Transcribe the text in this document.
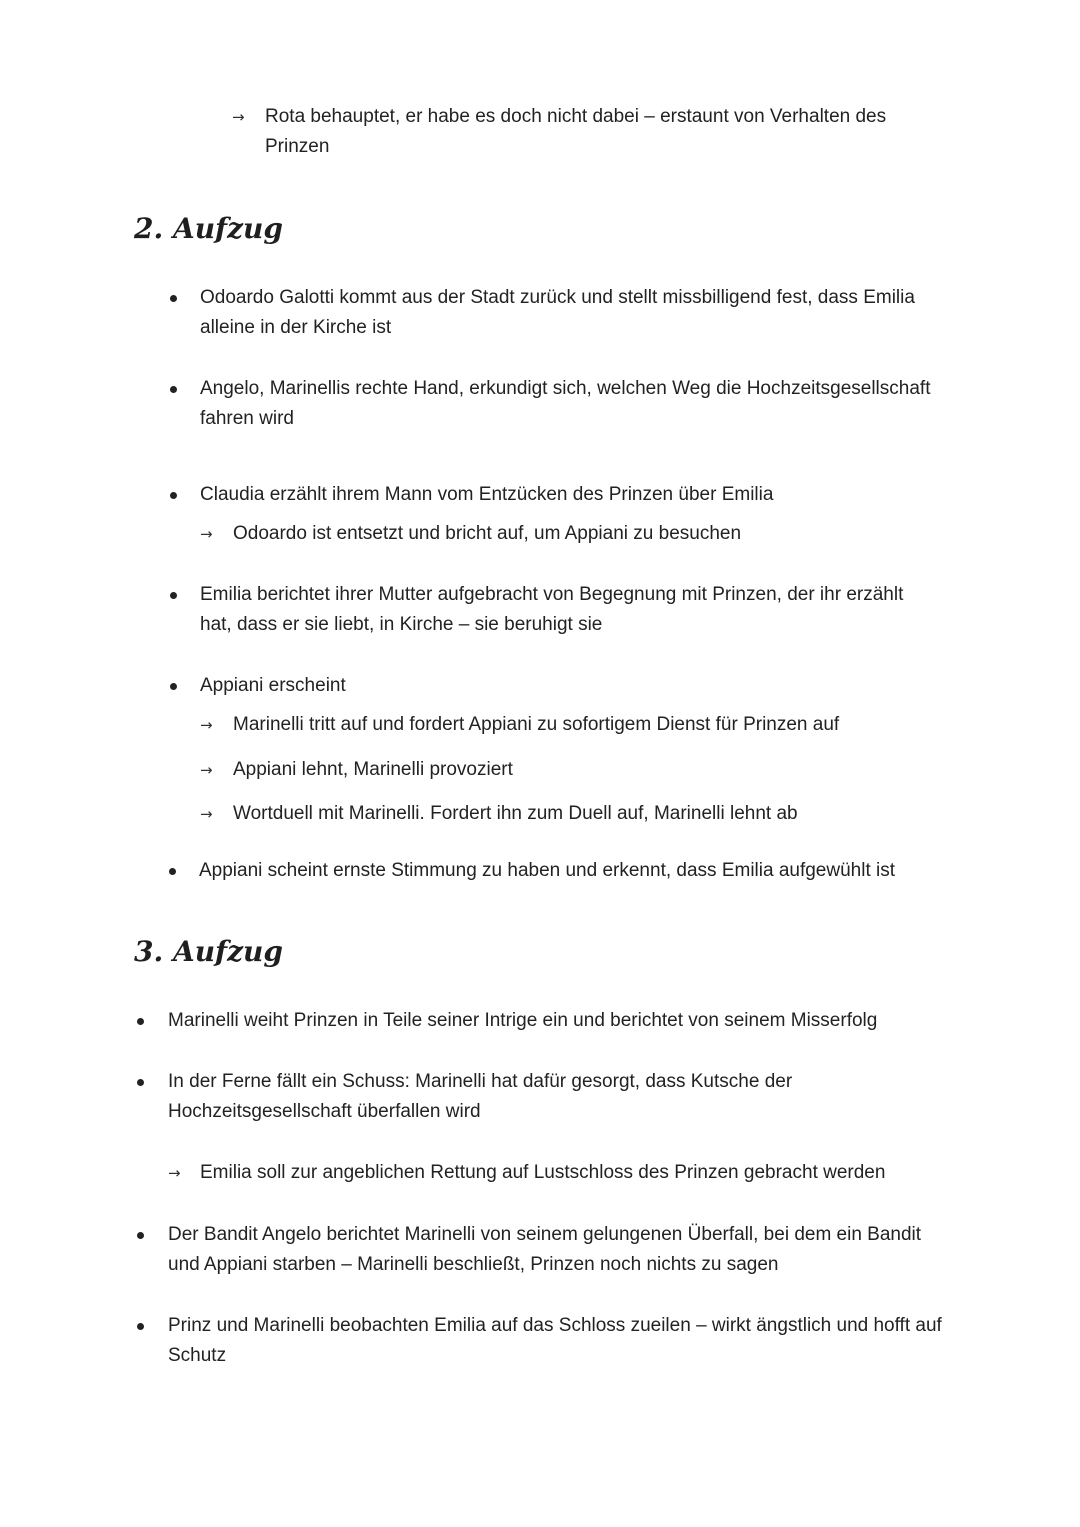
→ Rota behauptet, er habe es doch nicht dabei – erstaunt von Verhalten des

Prinzen

2. Aufzug

Odoardo Galotti kommt aus der Stadt zurück und stellt missbilligend fest, dass Emilia

alleine in der Kirche ist

Angelo, Marinellis rechte Hand, erkundigt sich, welchen Weg die Hochzeitsgesellschaft

fahren wird

Claudia erzählt ihrem Mann vom Entzücken des Prinzen über Emilia

→ Odoardo ist entsetzt und bricht auf, um Appiani zu besuchen

Emilia berichtet ihrer Mutter aufgebracht von Begegnung mit Prinzen, der ihr erzählt

hat, dass er sie liebt, in Kirche – sie beruhigt sie

Appiani erscheint

→ Marinelli tritt auf und fordert Appiani zu sofortigem Dienst für Prinzen auf

→ Appiani lehnt, Marinelli provoziert

→ Wortduell mit Marinelli. Fordert ihn zum Duell auf, Marinelli lehnt ab

Appiani scheint ernste Stimmung zu haben und erkennt, dass Emilia aufgewühlt ist

3. Aufzug

Marinelli weiht Prinzen in Teile seiner Intrige ein und berichtet von seinem Misserfolg

In der Ferne fällt ein Schuss: Marinelli hat dafür gesorgt, dass Kutsche der

Hochzeitsgesellschaft überfallen wird

→ Emilia soll zur angeblichen Rettung auf Lustschloss des Prinzen gebracht werden

Der Bandit Angelo berichtet Marinelli von seinem gelungenen Überfall, bei dem ein Bandit

und Appiani starben – Marinelli beschließt, Prinzen noch nichts zu sagen

Prinz und Marinelli beobachten Emilia auf das Schloss zueilen – wirkt ängstlich und hofft auf

Schutz
